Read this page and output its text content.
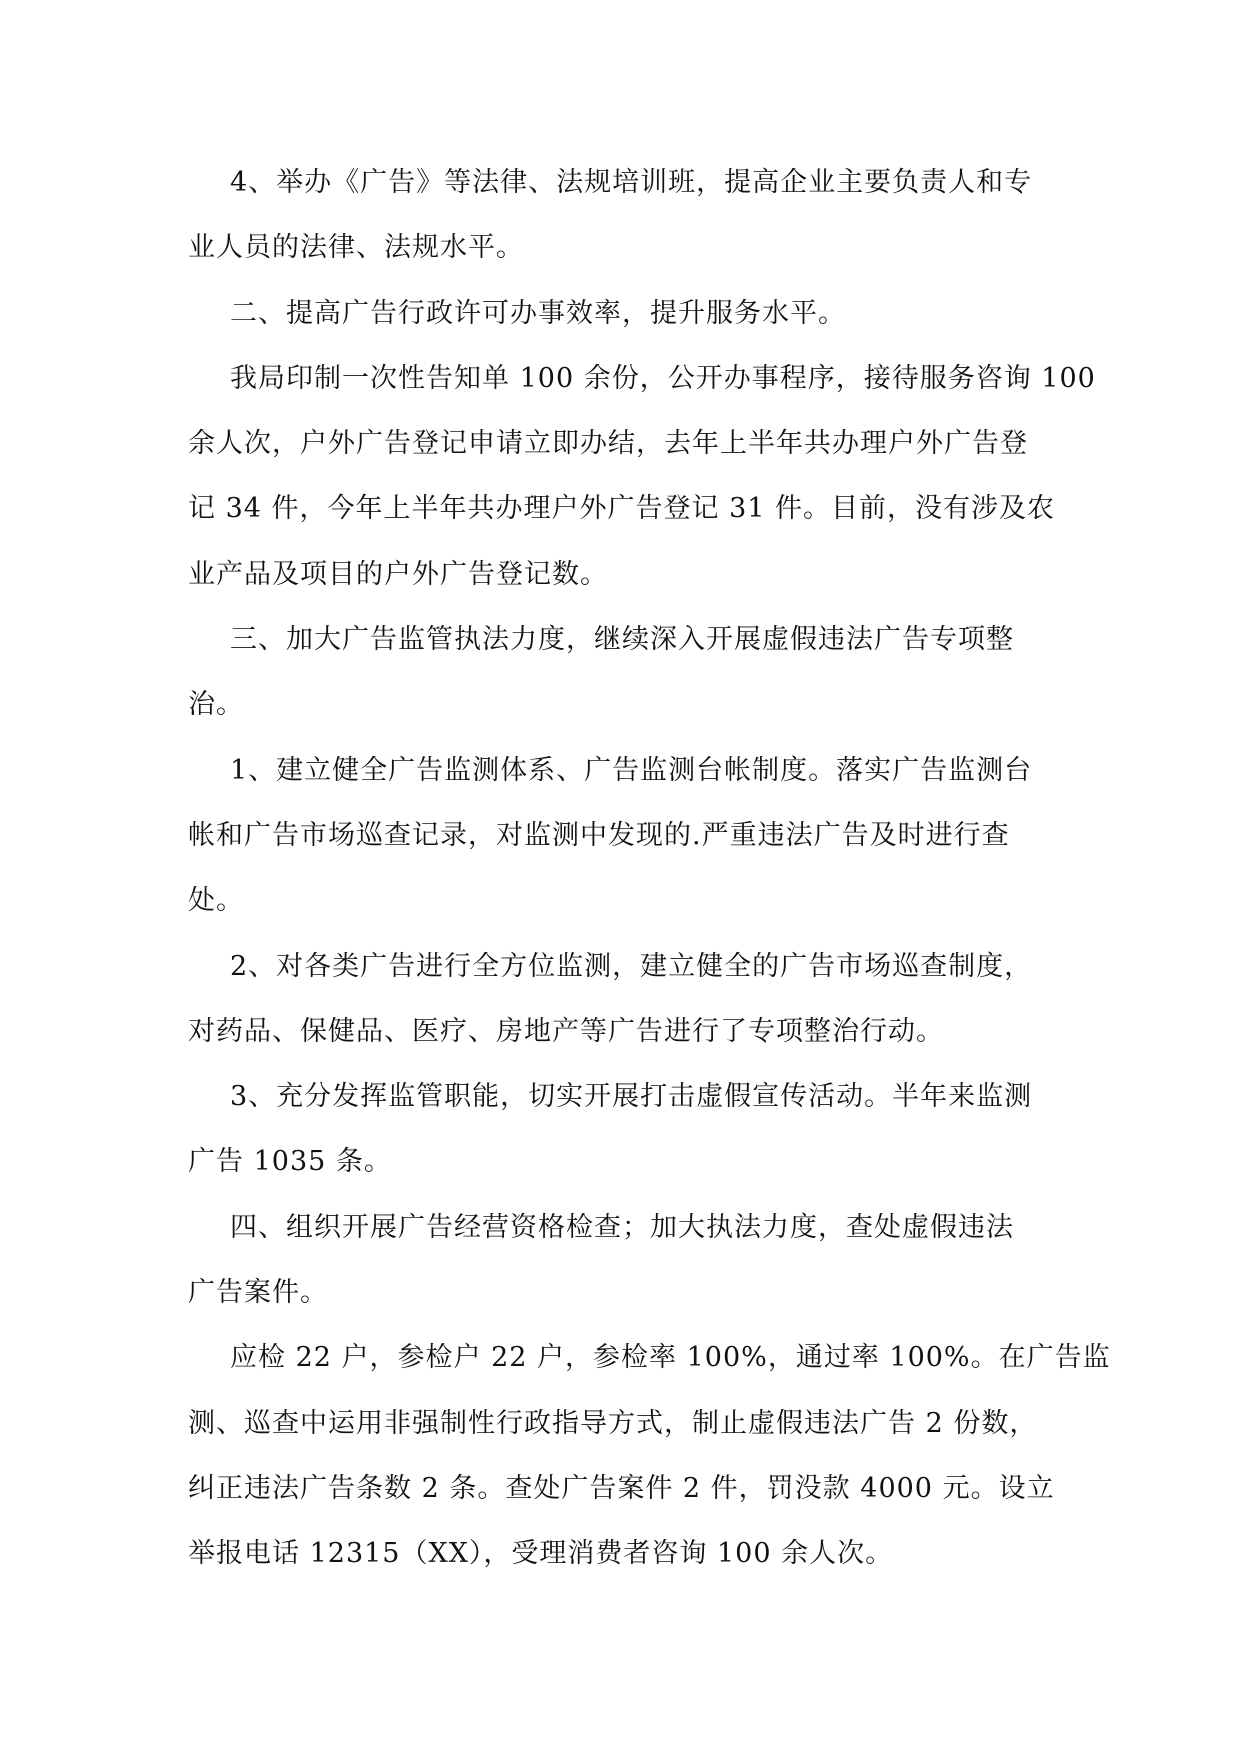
4、举办《广告》等法律、法规培训班，提高企业主要负责人和专
业人员的法律、法规水平。
二、提高广告行政许可办事效率，提升服务水平。
我局印制一次性告知单 100 余份，公开办事程序，接待服务咨询 100
余人次，户外广告登记申请立即办结，去年上半年共办理户外广告登
记 34 件，今年上半年共办理户外广告登记 31 件。目前，没有涉及农
业产品及项目的户外广告登记数。
三、加大广告监管执法力度，继续深入开展虚假违法广告专项整
治。
1、建立健全广告监测体系、广告监测台帐制度。落实广告监测台
帐和广告市场巡查记录，对监测中发现的.严重违法广告及时进行查
处。
2、对各类广告进行全方位监测，建立健全的广告市场巡查制度，
对药品、保健品、医疗、房地产等广告进行了专项整治行动。
3、充分发挥监管职能，切实开展打击虚假宣传活动。半年来监测
广告 1035 条。
四、组织开展广告经营资格检查；加大执法力度，查处虚假违法
广告案件。
应检 22 户，参检户 22 户，参检率 100%，通过率 100%。在广告监
测、巡查中运用非强制性行政指导方式，制止虚假违法广告 2 份数，
纠正违法广告条数 2 条。查处广告案件 2 件，罚没款 4000 元。设立
举报电话 12315（XX），受理消费者咨询 100 余人次。
